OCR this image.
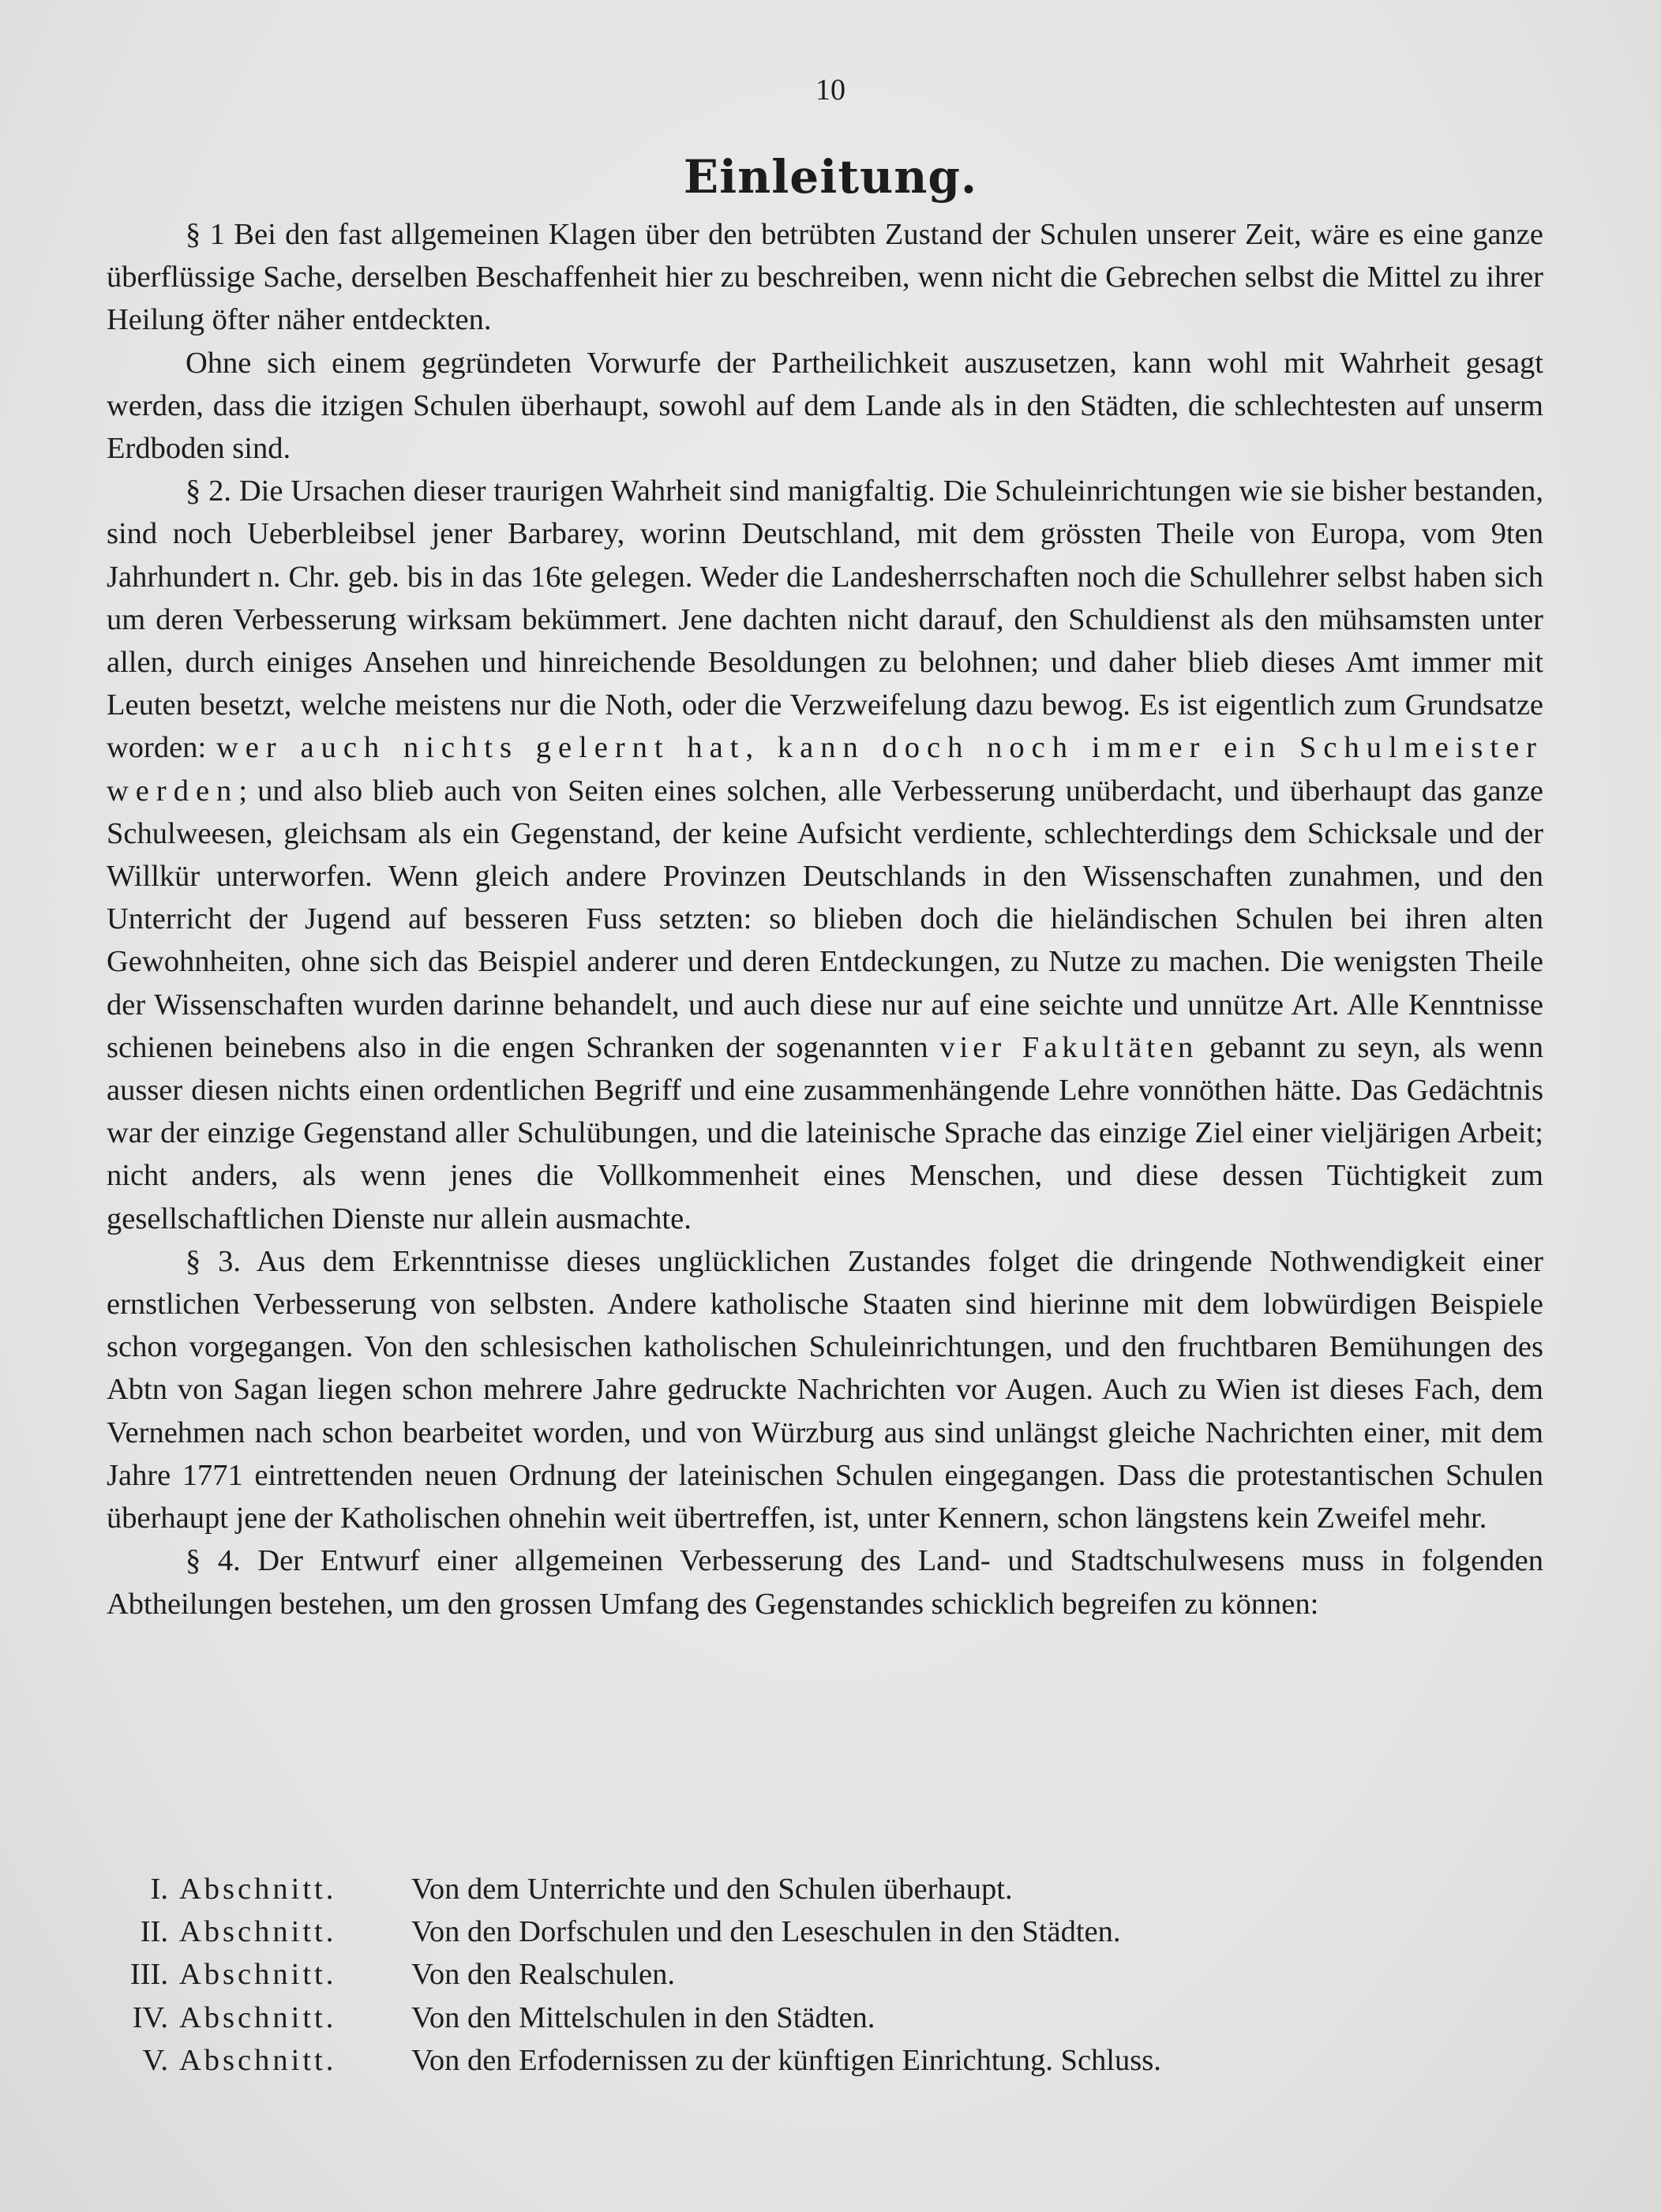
10
Einleitung.

§ 1 Bei den fast allgemeinen Klagen über den betrübten Zustand der Schulen unserer Zeit, wäre es eine ganze überflüssige Sache, derselben Beschaffenheit hier zu beschreiben, wenn nicht die Gebrechen selbst die Mittel zu ihrer Heilung öfter näher entdeckten.

Ohne sich einem gegründeten Vorwurfe der Partheilichkeit auszusetzen, kann wohl mit Wahrheit gesagt werden, dass die itzigen Schulen überhaupt, sowohl auf dem Lande als in den Städten, die schlechtesten auf unserm Erdboden sind.

§ 2. Die Ursachen dieser traurigen Wahrheit sind manigfaltig. Die Schuleinrichtungen wie sie bisher bestanden, sind noch Ueberbleibsel jener Barbarey, worinn Deutschland, mit dem grössten Theile von Europa, vom 9ten Jahrhundert n. Chr. geb. bis in das 16te gelegen. Weder die Landesherrschaften noch die Schullehrer selbst haben sich um deren Verbesserung wirksam bekümmert. Jene dachten nicht darauf, den Schuldienst als den mühsamsten unter allen, durch einiges Ansehen und hinreichende Besoldungen zu belohnen; und daher blieb dieses Amt immer mit Leuten besetzt, welche meistens nur die Noth, oder die Verzweifelung dazu bewog. Es ist eigentlich zum Grundsatze worden: wer auch nichts gelernt hat, kann doch noch immer ein Schulmeister werden; und also blieb auch von Seiten eines solchen, alle Verbesserung unüberdacht, und überhaupt das ganze Schulweesen, gleichsam als ein Gegenstand, der keine Aufsicht verdiente, schlechterdings dem Schicksale und der Willkür unterworfen. Wenn gleich andere Provinzen Deutschlands in den Wissenschaften zunahmen, und den Unterricht der Jugend auf besseren Fuss setzten: so blieben doch die hieländischen Schulen bei ihren alten Gewohnheiten, ohne sich das Beispiel anderer und deren Entdeckungen, zu Nutze zu machen. Die wenigsten Theile der Wissenschaften wurden darinne behandelt, und auch diese nur auf eine seichte und unnütze Art. Alle Kenntnisse schienen beinebens also in die engen Schranken der sogenannten vier Fakultäten gebannt zu seyn, als wenn ausser diesen nichts einen ordentlichen Begriff und eine zusammenhängende Lehre vonnöthen hätte. Das Gedächtnis war der einzige Gegenstand aller Schulübungen, und die lateinische Sprache das einzige Ziel einer vieljärigen Arbeit; nicht anders, als wenn jenes die Vollkommenheit eines Menschen, und diese dessen Tüchtigkeit zum gesellschaftlichen Dienste nur allein ausmachte.

§ 3. Aus dem Erkenntnisse dieses unglücklichen Zustandes folget die dringende Nothwendigkeit einer ernstlichen Verbesserung von selbsten. Andere katholische Staaten sind hierinne mit dem lobwürdigen Beispiele schon vorgegangen. Von den schlesischen katholischen Schuleinrichtungen, und den fruchtbaren Bemühungen des Abtn von Sagan liegen schon mehrere Jahre gedruckte Nachrichten vor Augen. Auch zu Wien ist dieses Fach, dem Vernehmen nach schon bearbeitet worden, und von Würzburg aus sind unlängst gleiche Nachrichten einer, mit dem Jahre 1771 eintrettenden neuen Ordnung der lateinischen Schulen eingegangen. Dass die protestantischen Schulen überhaupt jene der Katholischen ohnehin weit übertreffen, ist, unter Kennern, schon längstens kein Zweifel mehr.

§ 4. Der Entwurf einer allgemeinen Verbesserung des Land- und Stadtschulwesens muss in folgenden Abtheilungen bestehen, um den grossen Umfang des Gegenstandes schicklich begreifen zu können:

I. Abschnitt.	Von dem Unterrichte und den Schulen überhaupt.
II. Abschnitt.	Von den Dorfschulen und den Leseschulen in den Städten.
III. Abschnitt.	Von den Realschulen.
IV. Abschnitt.	Von den Mittelschulen in den Städten.
V. Abschnitt.	Von den Erfodernissen zu der künftigen Einrichtung. Schluss.
